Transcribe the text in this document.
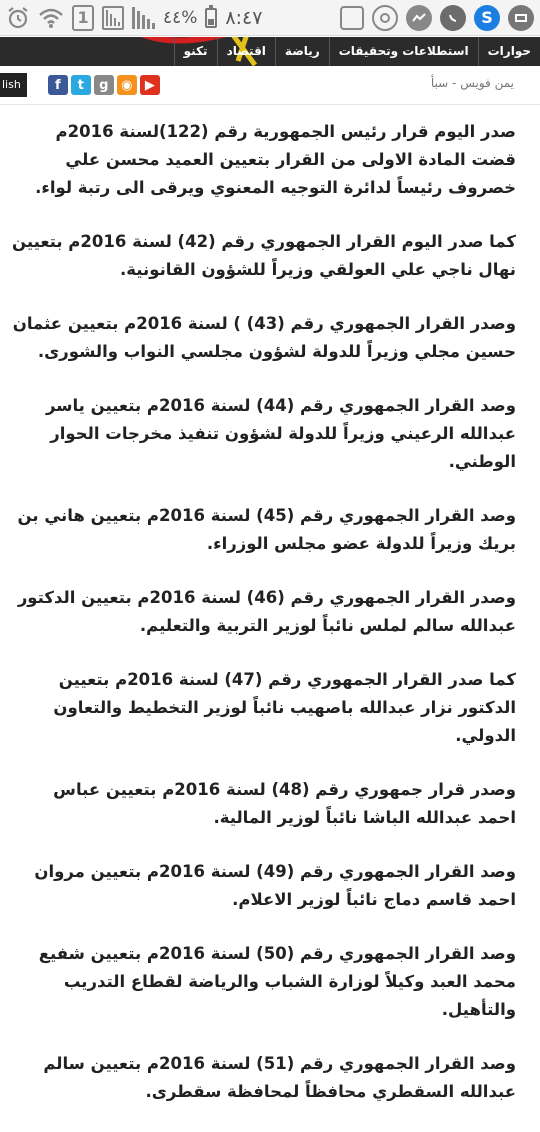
٨:٤٧
%٤٤
1	S
حوارات
استطلاعات وتحقيقات
رياضة
اقتصاد
تكنو
lish	f	t	g ◉ ▶	يمن فويس - سبأ

صدر اليوم قرار رئيس الجمهورية رقم (122)لسنة 2016م قضت المادة الاولى من القرار بتعيين العميد محسن علي خصروف رئيساً لدائرة التوجيه المعنوي ويرقى الى رتبة لواء.

كما صدر اليوم القرار الجمهوري رقم (42) لسنة 2016م بتعيين نهال ناجي علي العولقي وزيراً للشؤون القانونية.

وصدر القرار الجمهوري رقم (43) ) لسنة 2016م بتعيين عثمان حسين مجلي وزيراً للدولة لشؤون مجلسي النواب والشورى.

وصد القرار الجمهوري رقم (44) لسنة 2016م بتعيين ياسر عبدالله الرعيني وزيراً للدولة لشؤون تنفيذ مخرجات الحوار الوطني.

وصد القرار الجمهوري رقم (45) لسنة 2016م بتعيين هاني بن بريك وزيراً للدولة عضو مجلس الوزراء.

وصدر القرار الجمهوري رقم (46) لسنة 2016م بتعيين الدكتور عبدالله سالم لملس نائباً لوزير التربية والتعليم.

كما صدر القرار الجمهوري رقم (47) لسنة 2016م بتعيين الدكتور نزار عبدالله باصهيب نائباً لوزير التخطيط والتعاون الدولي.

وصدر قرار جمهوري رقم (48) لسنة 2016م بتعيين عباس احمد عبدالله الباشا نائباً لوزير المالية.

وصد القرار الجمهوري رقم (49) لسنة 2016م بتعيين مروان احمد قاسم دماج نائباً لوزير الاعلام.

وصد القرار الجمهوري رقم (50) لسنة 2016م بتعيين شفيع محمد العبد وكيلاً لوزارة الشباب والرياضة لقطاع التدريب والتأهيل.

وصد القرار الجمهوري رقم (51) لسنة 2016م بتعيين سالم عبدالله السقطري محافظاً لمحافظة سقطرى.
